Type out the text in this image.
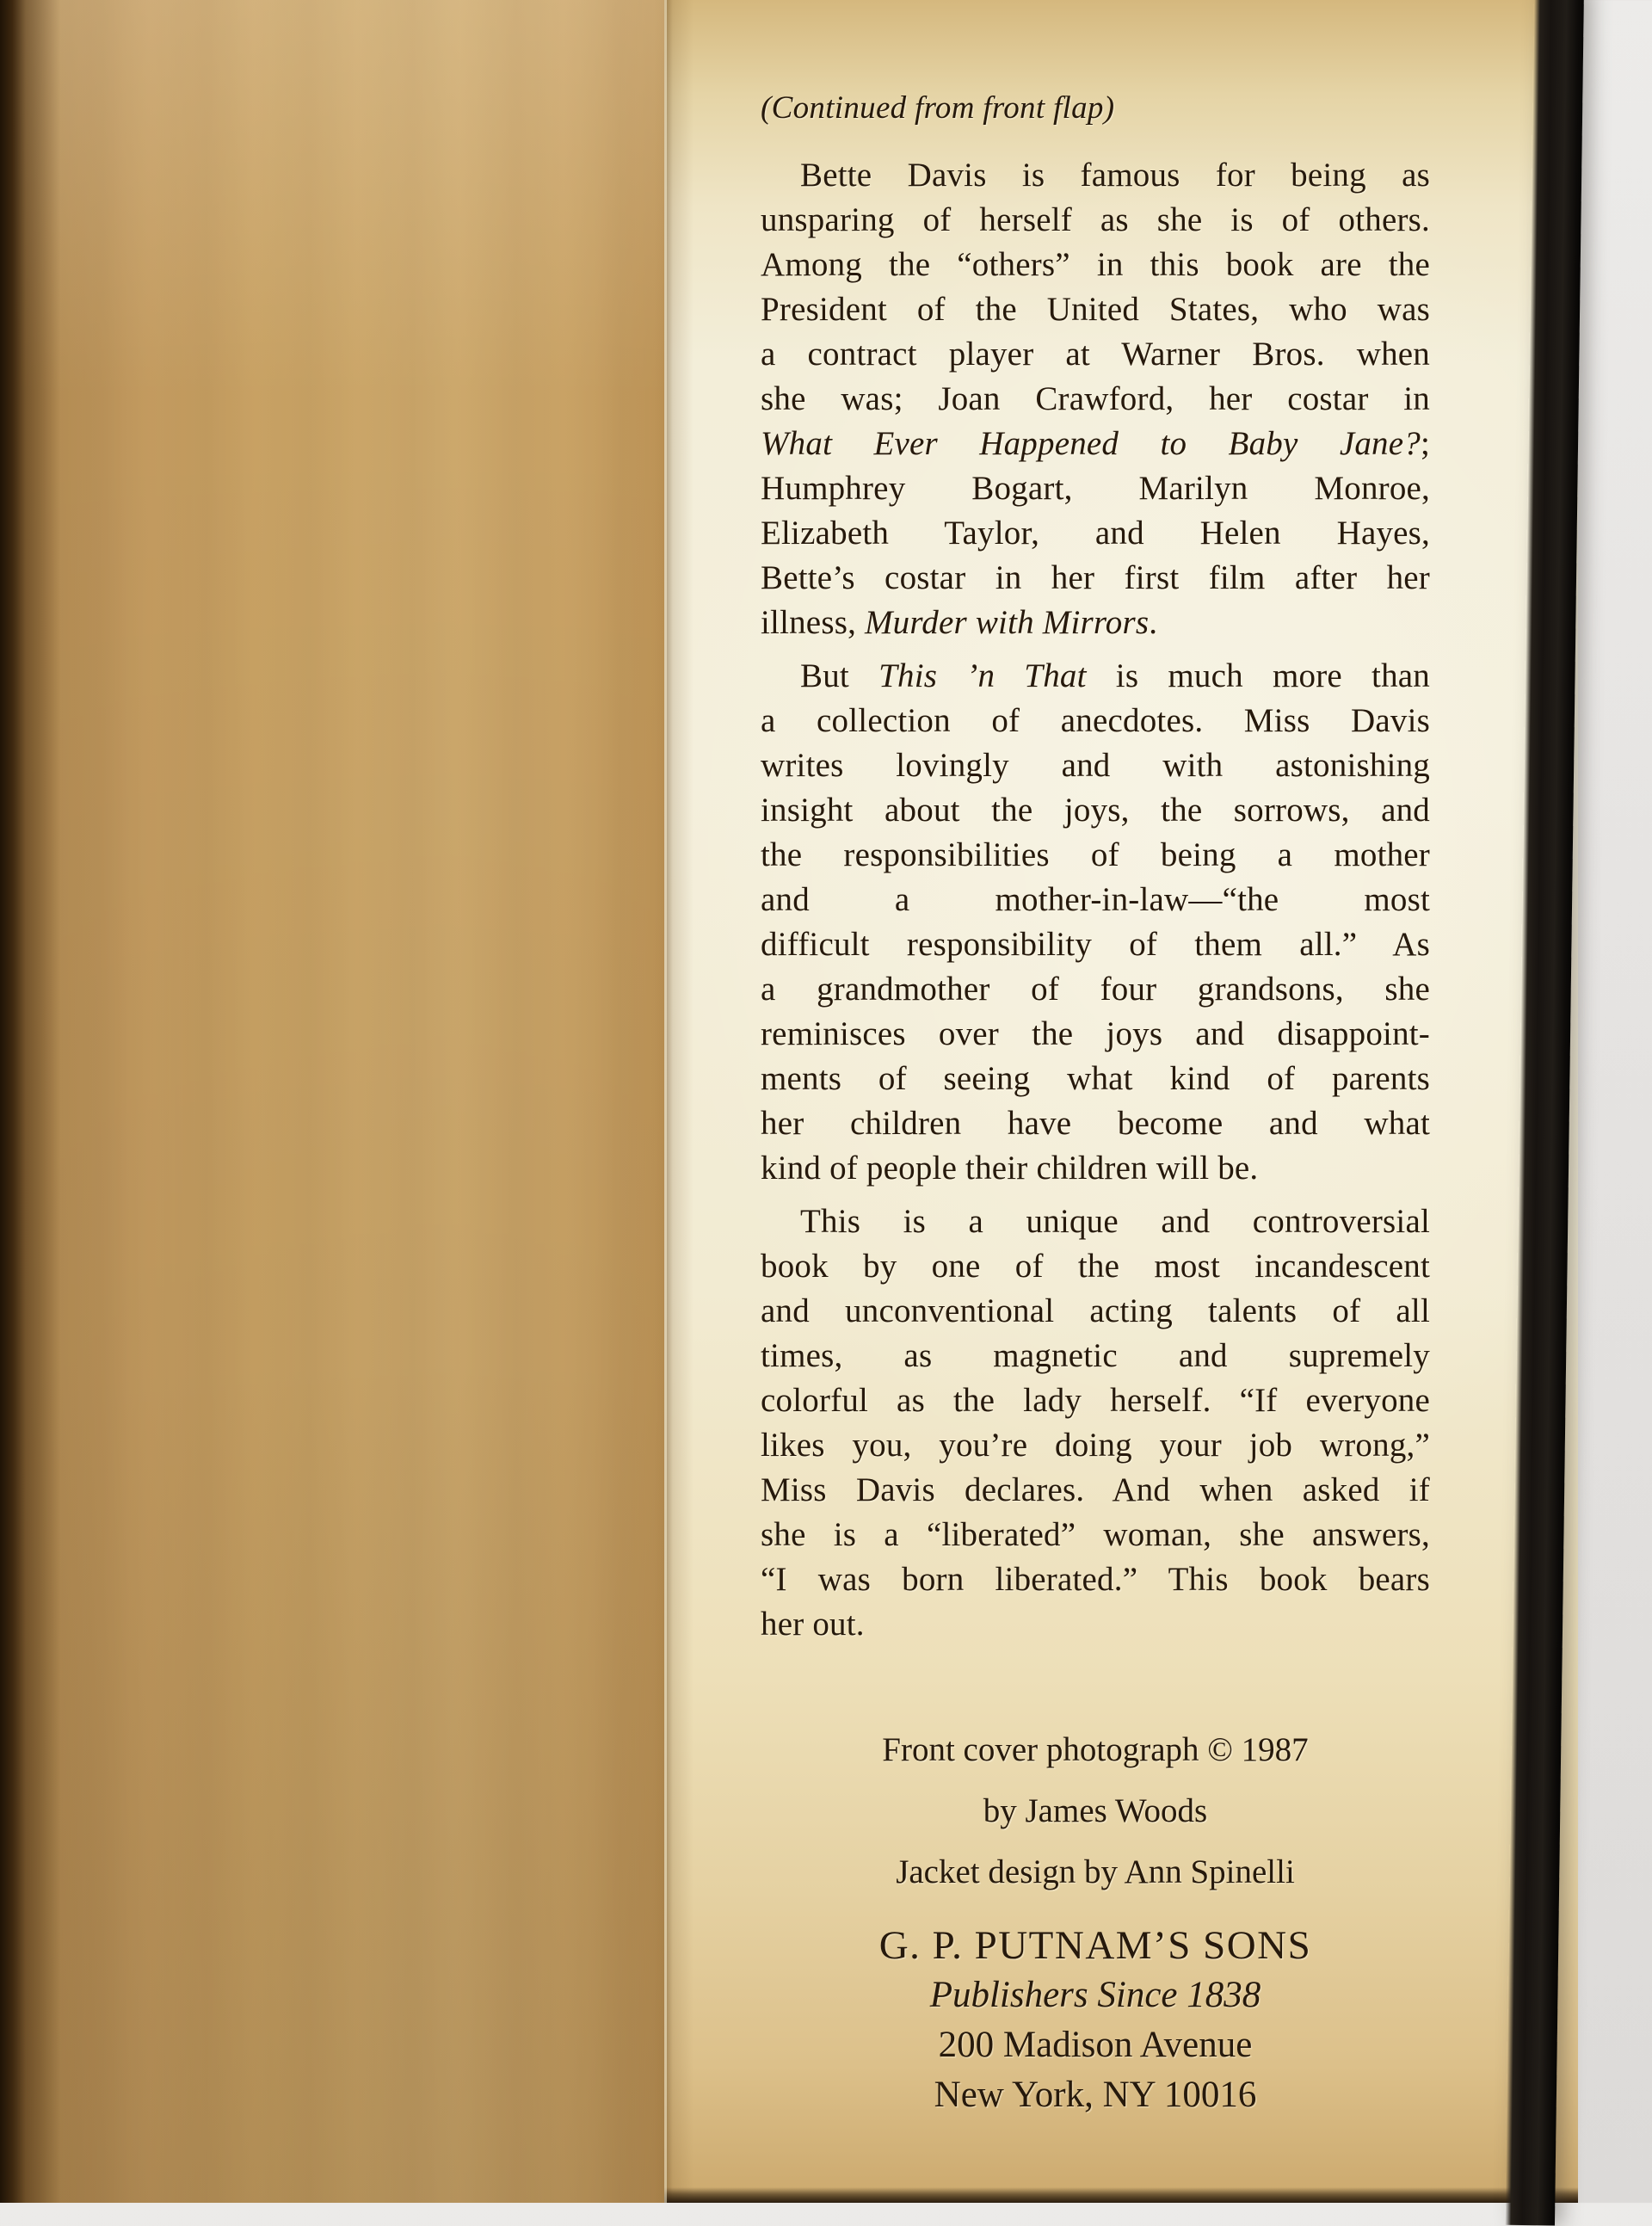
(Continued from front flap)
Bette Davis is famous for being as
unsparing of herself as she is of others.
Among the “others” in this book are the
President of the United States, who was
a contract player at Warner Bros. when
she was; Joan Crawford, her costar in
What Ever Happened to Baby Jane?;
Humphrey Bogart, Marilyn Monroe,
Elizabeth Taylor, and Helen Hayes,
Bette’s costar in her first film after her
illness, Murder with Mirrors.
But This ’n That is much more than
a collection of anecdotes. Miss Davis
writes lovingly and with astonishing
insight about the joys, the sorrows, and
the responsibilities of being a mother
and a mother-in-law—“the most
difficult responsibility of them all.” As
a grandmother of four grandsons, she
reminisces over the joys and disappoint-
ments of seeing what kind of parents
her children have become and what
kind of people their children will be.
This is a unique and controversial
book by one of the most incandescent
and unconventional acting talents of all
times, as magnetic and supremely
colorful as the lady herself. “If everyone
likes you, you’re doing your job wrong,”
Miss Davis declares. And when asked if
she is a “liberated” woman, she answers,
“I was born liberated.” This book bears
her out.
Front cover photograph © 1987
by James Woods
Jacket design by Ann Spinelli
G. P. PUTNAM’S SONS
Publishers Since 1838
200 Madison Avenue
New York, NY 10016
